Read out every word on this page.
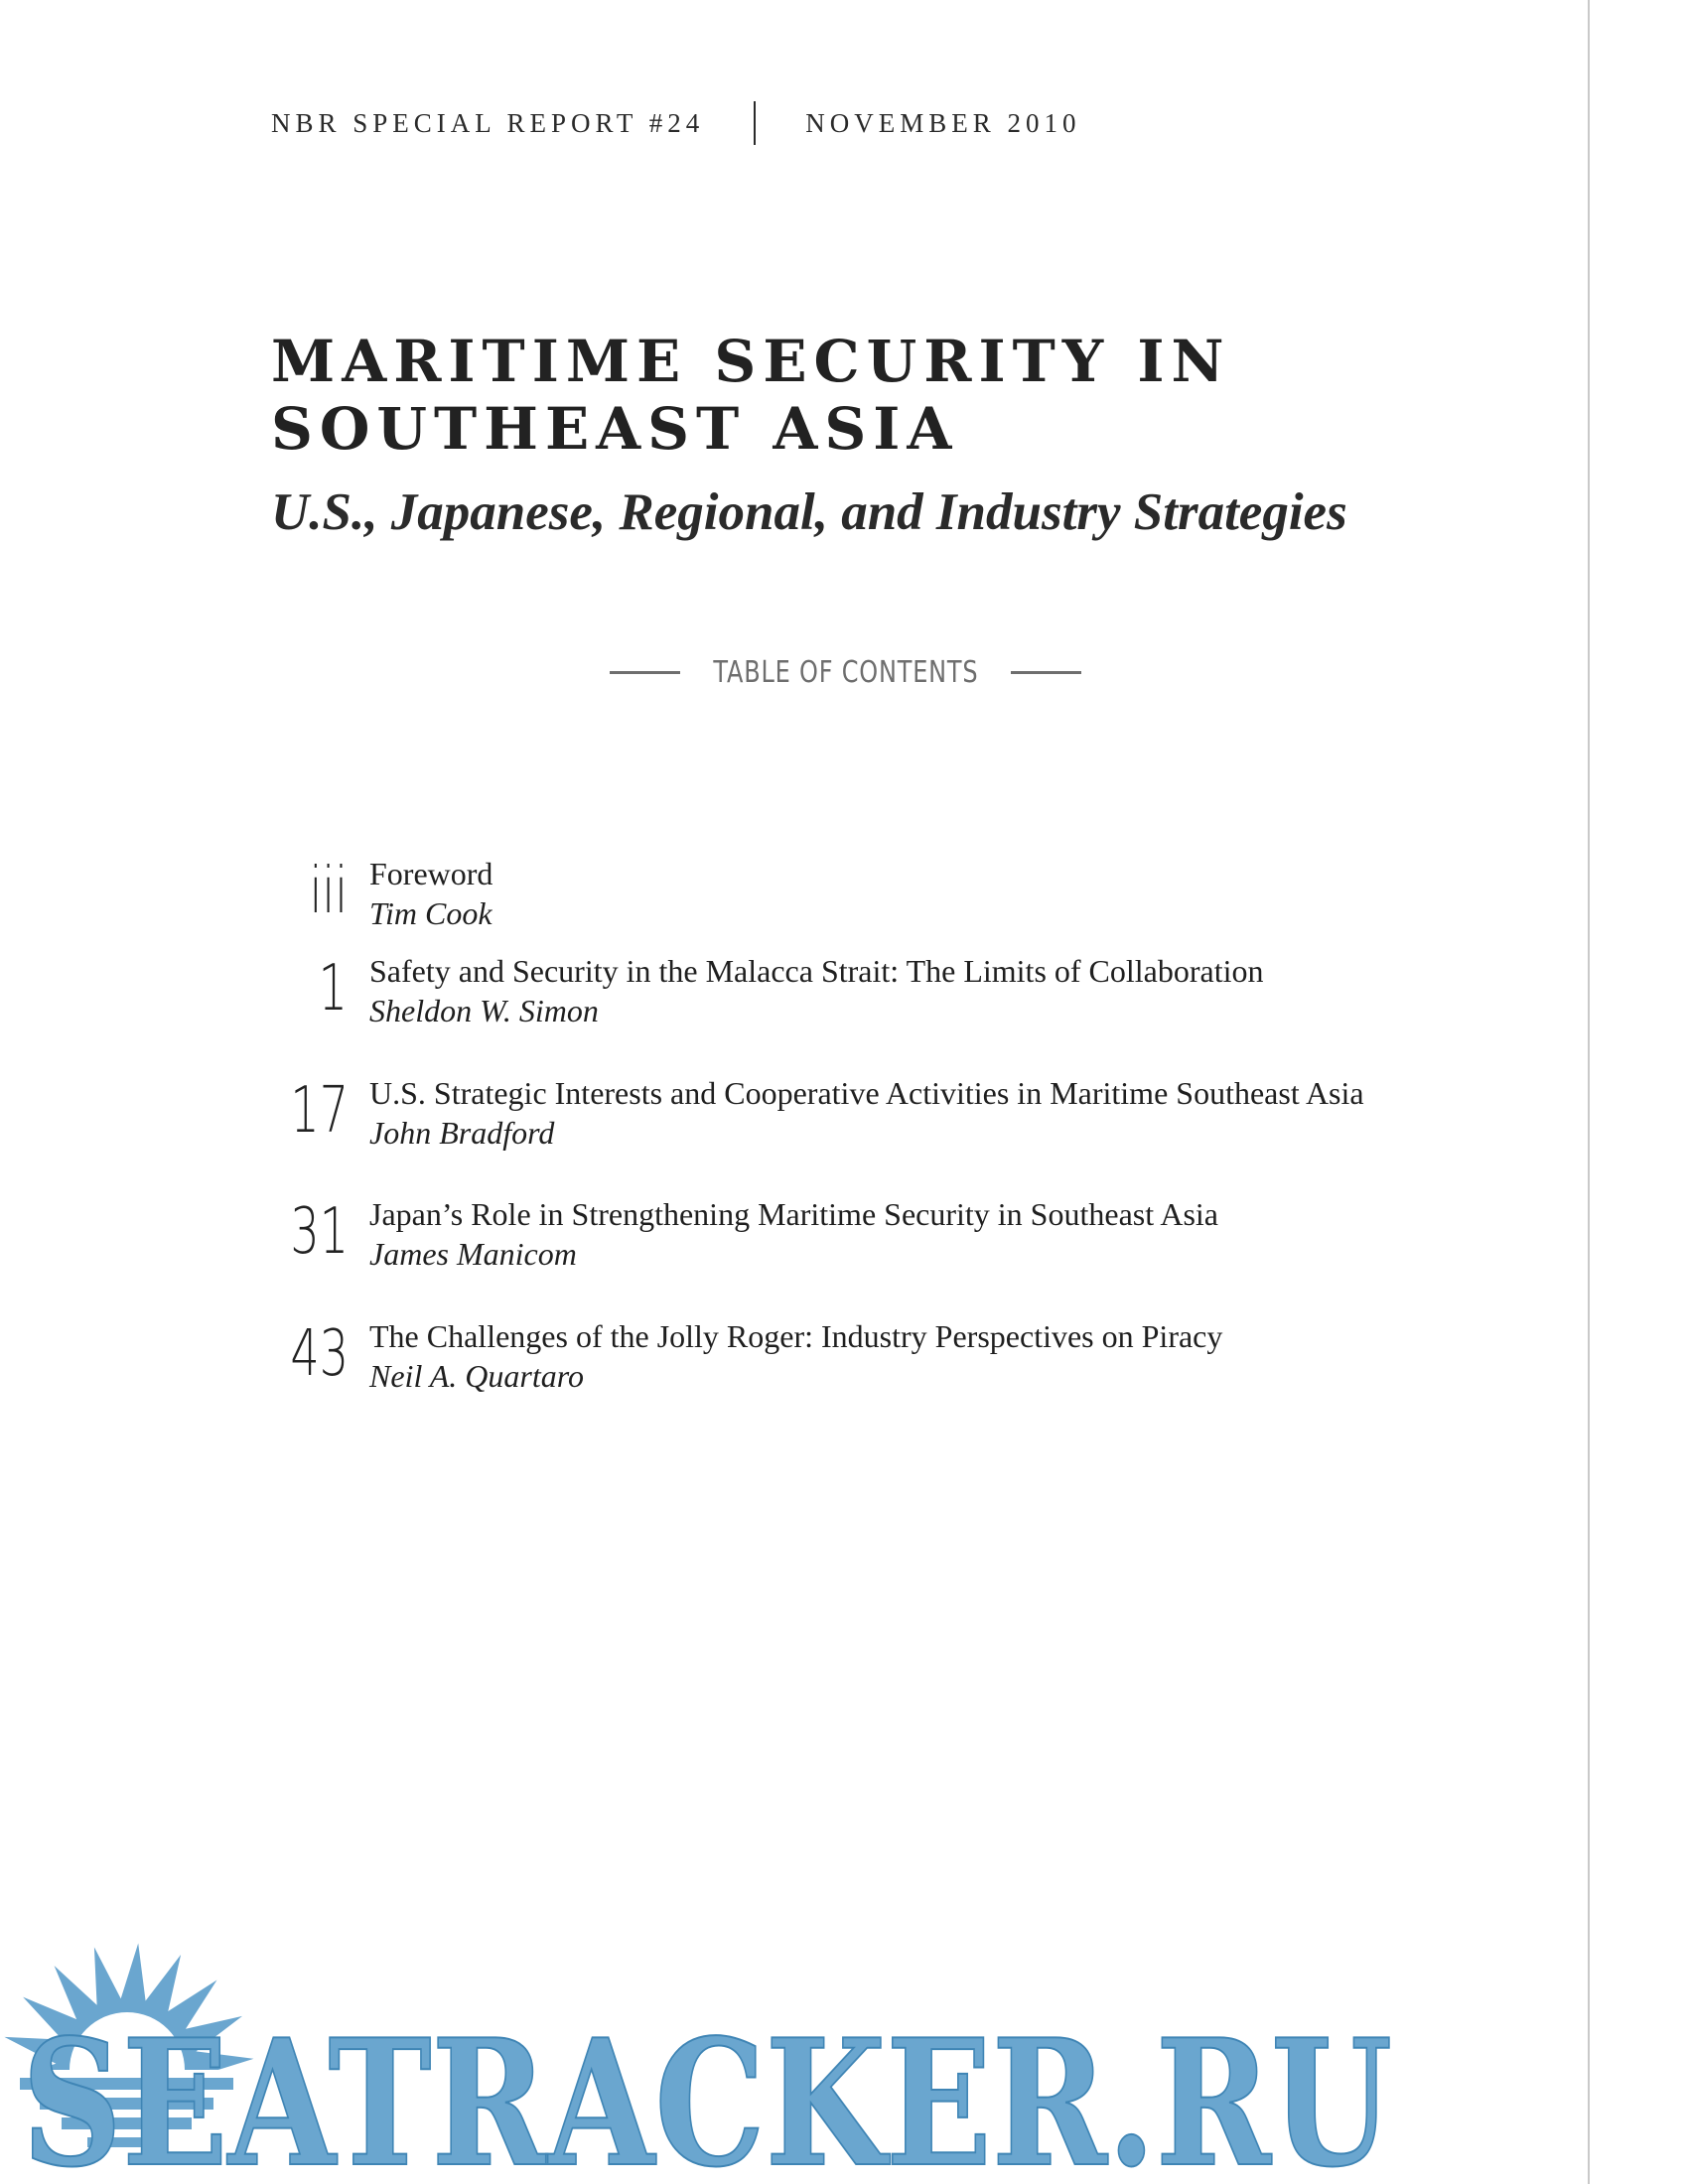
NBR SPECIAL REPORT #24	NOVEMBER 2010
MARITIME SECURITY IN
SOUTHEAST ASIA
U.S., Japanese, Regional, and Industry Strategies
TABLE OF CONTENTS
iii Foreword
Tim Cook
1 Safety and Security in the Malacca Strait: The Limits of Collaboration
Sheldon W. Simon
17 U.S. Strategic Interests and Cooperative Activities in Maritime Southeast Asia
John Bradford
31 Japan’s Role in Strengthening Maritime Security in Southeast Asia
James Manicom
43 The Challenges of the Jolly Roger: Industry Perspectives on Piracy
Neil A. Quartaro
SEATRACKER.RU
